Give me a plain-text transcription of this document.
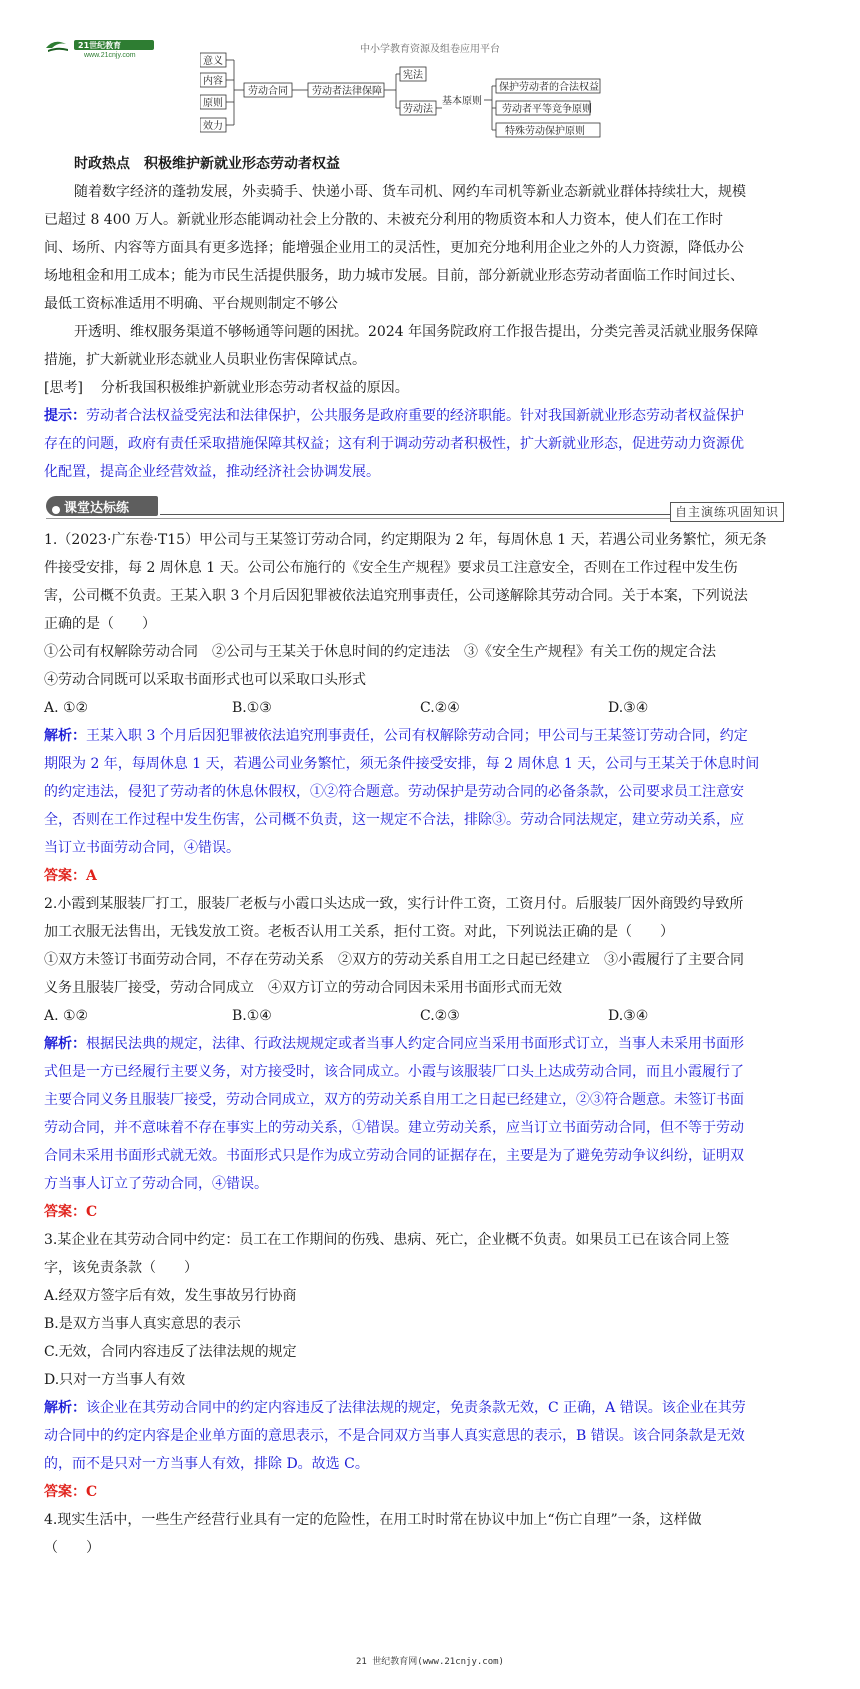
21世纪教育
www.21cnjy.com
中小学教育资源及组卷应用平台
意义
内容
原则
效力
劳动合同 劳动者法律保障
宪法
劳动法
基本原则
保护劳动者的合法权益
劳动者平等竞争原则
特殊劳动保护原则
时政热点　积极维护新就业形态劳动者权益
随着数字经济的蓬勃发展，外卖骑手、快递小哥、货车司机、网约车司机等新业态新就业群体持续壮大，规模
已超过 8 400 万人。新就业形态能调动社会上分散的、未被充分利用的物质资本和人力资本，使人们在工作时
间、场所、内容等方面具有更多选择；能增强企业用工的灵活性，更加充分地利用企业之外的人力资源，降低办公
场地租金和用工成本；能为市民生活提供服务，助力城市发展。目前，部分新就业形态劳动者面临工作时间过长、
最低工资标准适用不明确、平台规则制定不够公
开透明、维权服务渠道不够畅通等问题的困扰。2024 年国务院政府工作报告提出，分类完善灵活就业服务保障
措施，扩大新就业形态就业人员职业伤害保障试点。
[思考] 分析我国积极维护新就业形态劳动者权益的原因。
提示：劳动者合法权益受宪法和法律保护，公共服务是政府重要的经济职能。针对我国新就业形态劳动者权益保护
存在的问题，政府有责任采取措施保障其权益；这有利于调动劳动者积极性，扩大新就业形态，促进劳动力资源优
化配置，提高企业经营效益，推动经济社会协调发展。
课堂达标练	自主演练巩固知识
1.（2023·广东卷·T15）甲公司与王某签订劳动合同，约定期限为 2 年，每周休息 1 天，若遇公司业务繁忙，须无条
件接受安排，每 2 周休息 1 天。公司公布施行的《安全生产规程》要求员工注意安全，否则在工作过程中发生伤
害，公司概不负责。王某入职 3 个月后因犯罪被依法追究刑事责任，公司遂解除其劳动合同。关于本案，下列说法
正确的是（　　）
①公司有权解除劳动合同　②公司与王某关于休息时间的约定违法　③《安全生产规程》有关工伤的规定合法
④劳动合同既可以采取书面形式也可以采取口头形式
A. ①②	B.①③	C.②④	D.③④
解析：王某入职 3 个月后因犯罪被依法追究刑事责任，公司有权解除劳动合同；甲公司与王某签订劳动合同，约定
期限为 2 年，每周休息 1 天，若遇公司业务繁忙，须无条件接受安排，每 2 周休息 1 天，公司与王某关于休息时间
的约定违法，侵犯了劳动者的休息休假权，①②符合题意。劳动保护是劳动合同的必备条款，公司要求员工注意安
全，否则在工作过程中发生伤害，公司概不负责，这一规定不合法，排除③。劳动合同法规定，建立劳动关系，应
当订立书面劳动合同，④错误。
答案：A
2.小霞到某服装厂打工，服装厂老板与小霞口头达成一致，实行计件工资，工资月付。后服装厂因外商毁约导致所
加工衣服无法售出，无钱发放工资。老板否认用工关系，拒付工资。对此，下列说法正确的是（　　）
①双方未签订书面劳动合同，不存在劳动关系　②双方的劳动关系自用工之日起已经建立　③小霞履行了主要合同
义务且服装厂接受，劳动合同成立　④双方订立的劳动合同因未采用书面形式而无效
A. ①②	B.①④	C.②③	D.③④
解析：根据民法典的规定，法律、行政法规规定或者当事人约定合同应当采用书面形式订立，当事人未采用书面形
式但是一方已经履行主要义务，对方接受时，该合同成立。小霞与该服装厂口头上达成劳动合同，而且小霞履行了
主要合同义务且服装厂接受，劳动合同成立，双方的劳动关系自用工之日起已经建立，②③符合题意。未签订书面
劳动合同，并不意味着不存在事实上的劳动关系，①错误。建立劳动关系，应当订立书面劳动合同，但不等于劳动
合同未采用书面形式就无效。书面形式只是作为成立劳动合同的证据存在，主要是为了避免劳动争议纠纷，证明双
方当事人订立了劳动合同，④错误。
答案：C
3.某企业在其劳动合同中约定：员工在工作期间的伤残、患病、死亡，企业概不负责。如果员工已在该合同上签
字，该免责条款（　　）
A.经双方签字后有效，发生事故另行协商
B.是双方当事人真实意思的表示
C.无效，合同内容违反了法律法规的规定
D.只对一方当事人有效
解析：该企业在其劳动合同中的约定内容违反了法律法规的规定，免责条款无效，C 正确，A 错误。该企业在其劳
动合同中的约定内容是企业单方面的意思表示，不是合同双方当事人真实意思的表示，B 错误。该合同条款是无效
的，而不是只对一方当事人有效，排除 D。故选 C。
答案：C
4.现实生活中，一些生产经营行业具有一定的危险性，在用工时时常在协议中加上“伤亡自理”一条，这样做
（　　）
21 世纪教育网(www.21cnjy.com)
